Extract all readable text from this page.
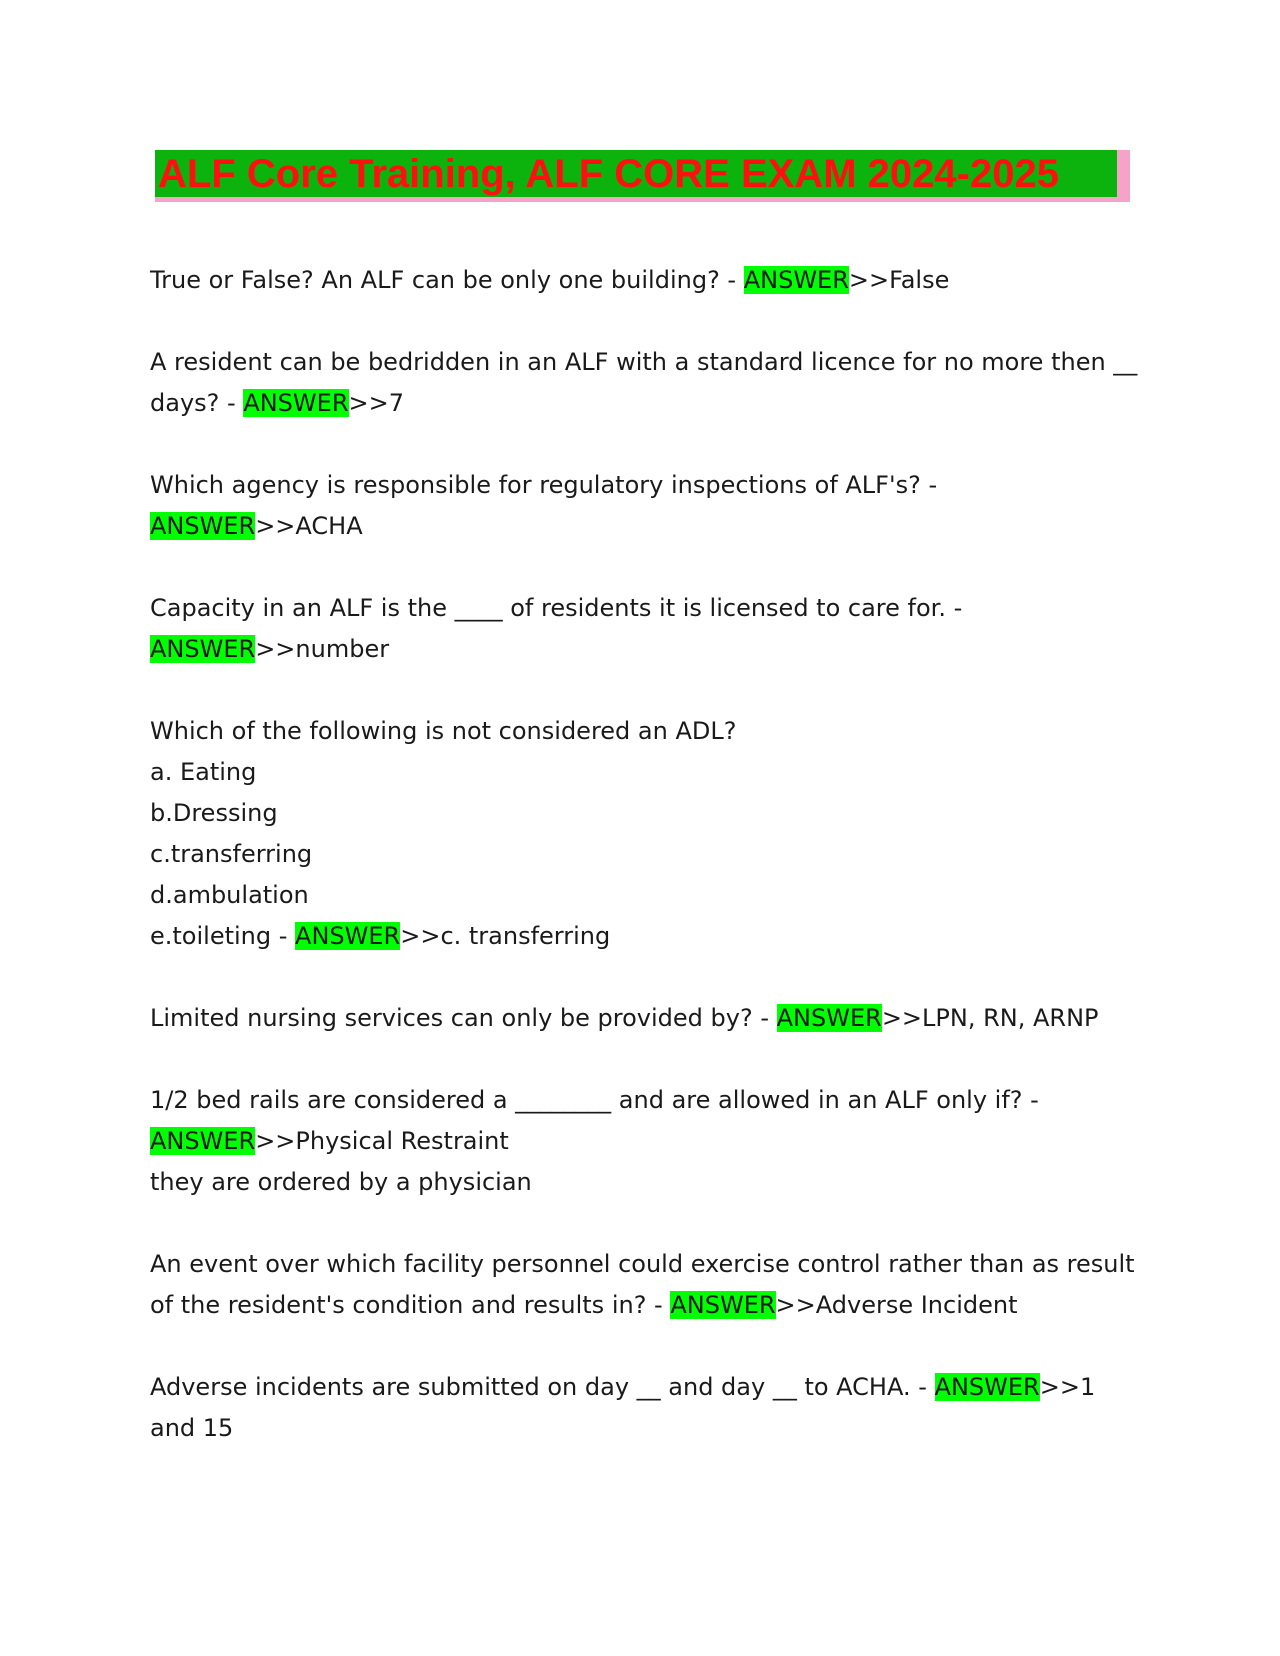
ALF Core Training, ALF CORE EXAM 2024-2025
True or False? An ALF can be only one building? - ANSWER>>False
A resident can be bedridden in an ALF with a standard licence for no more then __
days? - ANSWER>>7
Which agency is responsible for regulatory inspections of ALF's? -
ANSWER>>ACHA
Capacity in an ALF is the ____ of residents it is licensed to care for. -
ANSWER>>number
Which of the following is not considered an ADL?
a. Eating
b.Dressing
c.transferring
d.ambulation
e.toileting - ANSWER>>c. transferring
Limited nursing services can only be provided by? - ANSWER>>LPN, RN, ARNP
1/2 bed rails are considered a ________ and are allowed in an ALF only if? -
ANSWER>>Physical Restraint
they are ordered by a physician
An event over which facility personnel could exercise control rather than as result
of the resident's condition and results in? - ANSWER>>Adverse Incident
Adverse incidents are submitted on day __ and day __ to ACHA. - ANSWER>>1
and 15
